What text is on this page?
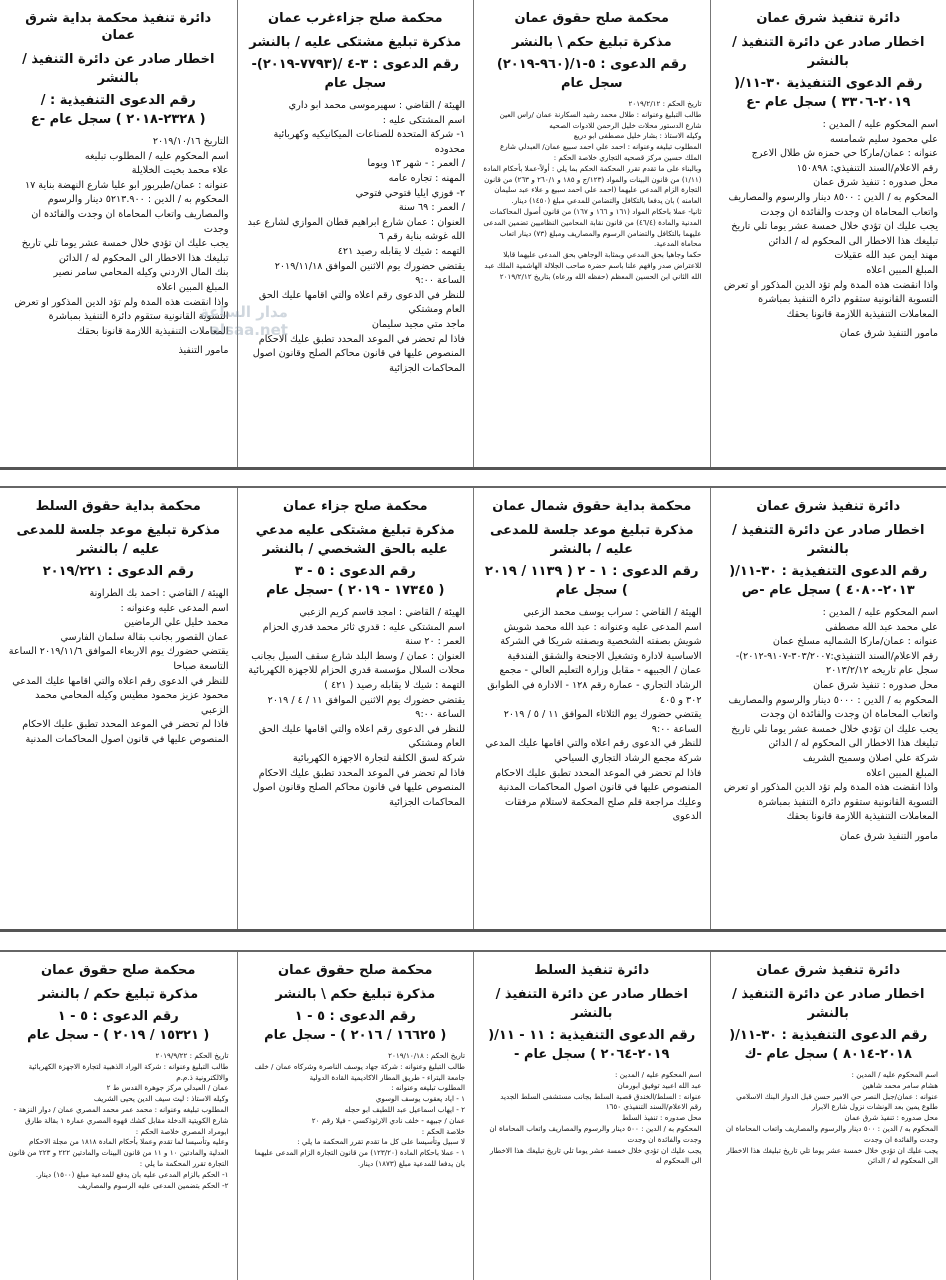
دائرة تنفيذ شرق عمان
اخطار صادر عن دائرة التنفيذ / بالنشر
رقم الدعوى التنفيذية ٣٠-١١/(
٢٠١٩-٣٣٠٦ ) سجل عام -ع

اسم المحكوم عليه / المدين :

علي محمود سليم شمامسه

عنوانه : عمان/ماركا حي حمزه ش طلال الاعرج

رقم الاعلام/السند التنفيذي: ١٥٠٨٩٨

محل صدوره : تنفيذ شرق عمان

المحكوم به / الدين : ٨٥٠٠ دينار والرسوم والمصاريف واتعاب المحاماة ان وجدت والفائدة ان وجدت

يجب عليك ان تؤدي خلال خمسة عشر يوما تلي تاريخ تبليغك هذا الاخطار الى المحكوم له / الدائن

مهند ايمن عبد الله عقيلات

المبلغ المبين اعلاه

واذا انقضت هذه المدة ولم تؤد الدين المذكور او تعرض التسوية القانونية ستقوم دائرة التنفيذ بمباشرة المعاملات التنفيذية اللازمة قانونا بحقك

مامور التنفيذ شرق عمان
محكمة صلح حقوق عمان
مذكرة تبليغ حكم \ بالنشر
رقم الدعوى : ٥-١/(٩٦٠-٢٠١٩)
سجل عام

تاريخ الحكم : ٢٠١٩/٢/١٢

طالب التبليغ وعنوانه : طلال محمد رشيد السكارنة عمان /راس العين شارع الدستور محلات خليل الرحمن للادوات الصحيه

وكيله الاستاذ : بشار خليل مصطفى ابو دريع

المطلوب تبليغه وعنوانه : احمد علي احمد سبيع عمان/ العبدلي شارع الملك حسين مركز قصحيه التجاري خلاصة الحكم :

وبالبناء على ما تقدم تقرر المحكمة الحكم بما يلي : أولاً-عملا بأحكام المادة (١/١١) من قانون البينات والمواد (١٢٣/ج و ١٨٥ و ٢٦٠/١ و ٢٦٣) من قانون التجارة الزام المدعى عليهما (احمد علي احمد سبيع و علاء عبد سليمان العامنه ) بان يدفعا بالتكافل والتضامن للمدعي مبلغ (١٤٥٠) دينار.

ثانيا- عملا باحكام المواد (١٦١ و ١٦٦ و ١٦٧) من قانون أصول المحاكمات المدنية والمادة (٤٦/٤) من قانون نقابة المحامين النظاميين تضمين المدعى عليهما بالتكافل والتضامن الرسوم والمصاريف ومبلغ (٧٣) دينار اتعاب محاماة المدعية.

حكما وجاهيا بحق المدعي وبمثابة الوجاهي بحق المدعى عليهما قابلا للاعتراض صدر وافهم علنا باسم حضرة صاحب الجلالة الهاشمية الملك عبد الله الثاني ابن الحسين المعظم (حفظه الله ورعاه) بتاريخ ٢٠١٩/٢/١٢

محكمة صلح جزاءغرب عمان
مذكرة تبليغ مشتكى عليه / بالنشر
رقم الدعوى : ٣-٤ /(٧٧٩٣-٢٠١٩)-
سجل عام

الهيئة / القاضي : سهيرموسى محمد ابو داري

اسم المشتكى عليه :

١- شركة المتحدة للصناعات الميكانيكيه وكهربائية محدوده

/ العمر : - شهر ١٣ ويوما

المهنه : تجاره عامه

٢- فوزي ايليا فتوحي فتوحي

/ العمر : ٦٩ سنة

العنوان : عمان شارع ابراهيم قطان الموازي لشارع عبد الله غوشه بناية رقم ٦

التهمه : شيك لا يقابله رصيد ٤٢١

يقتضي حضورك يوم الاثنين الموافق ٢٠١٩/١١/١٨ الساعة ٩:٠٠

للنظر في الدعوى رقم اعلاه والتي اقامها عليك الحق العام ومشتكي

ماجد متي مجيد سليمان

فاذا لم تحضر في الموعد المحدد تطبق عليك الاحكام المنصوص عليها في قانون محاكم الصلح وقانون اصول المحاكمات الجزائية

دائرة تنفيذ محكمة بداية شرق عمان
اخطار صادر عن دائرة التنفيذ / بالنشر
رقم الدعوى التنفيذية : /
( ٢٣٢٨-٢٠١٨ ) سجل عام -ع

التاريخ ٢٠١٩/١٠/١٦

اسم المحكوم عليه / المطلوب تبليغه

علاء محمد بخيت الخلايلة

عنوانه : عمان/طبربور ابو عليا شارع النهضة بناية ١٧

المحكوم به / الدين : ٥٢١٣.٩٠٠ دينار والرسوم والمصاريف واتعاب المحاماة ان وجدت والفائدة ان وجدت

يجب عليك ان تؤدي خلال خمسة عشر يوما تلي تاريخ تبليغك هذا الاخطار الى المحكوم له / الدائن

بنك المال الاردني وكيله المحامي سامر نصير

المبلغ المبين اعلاه

واذا انقضت هذه المدة ولم تؤد الدين المذكور او تعرض التسوية القانونية ستقوم دائرة التنفيذ بمباشرة المعاملات التنفيذية اللازمة قانونا بحقك

مامور التنفيذ
دائرة تنفيذ شرق عمان
اخطار صادر عن دائرة التنفيذ / بالنشر
رقم الدعوى التنفيذية : ٣٠-١١/(
٢٠١٣-٤٠٨٠ ) سجل عام -ص

اسم المحكوم عليه / المدين :

علي محمد عبد الله مصطفى

عنوانه : عمان/ماركا الشماليه مسلخ عمان

رقم الاعلام/السند التنفيذي:٣٠٣/٢٠٠٧-٩١٠٧-٢٠١٢)-سجل عام تاريخه ٢٠١٣/٢/١٢

محل صدوره : تنفيذ شرق عمان

المحكوم به / الدين : ٥٠٠٠ دينار والرسوم والمصاريف واتعاب المحاماة ان وجدت والفائدة ان وجدت

يجب عليك ان تؤدي خلال خمسة عشر يوما تلي تاريخ تبليغك هذا الاخطار الى المحكوم له / الدائن

شركة علي اصلان وسميح الشريف

المبلغ المبين اعلاه

واذا انقضت هذه المدة ولم تؤد الدين المذكور او تعرض التسوية القانونية ستقوم دائرة التنفيذ بمباشرة المعاملات التنفيذية اللازمة قانونا بحقك

مامور التنفيذ شرق عمان
محكمة بداية حقوق شمال عمان
مذكرة تبليغ موعد جلسة للمدعى عليه / بالنشر
رقم الدعوى : ١ - ٢ ( ١١٣٩ / ٢٠١٩
) سجل عام

الهيئة / القاضي : سراب يوسف محمد الزعبي

اسم المدعى عليه وعنوانه : عبد الله محمد شويش شويش بصفته الشخصية وبصفته شريكا في الشركة الاساسية لادارة وتشغيل الاجنحة والشقق الفندقية

عمان / الجبيهه - مقابل وزارة التعليم العالي - مجمع الرشاد التجاري - عمارة رقم ١٢٨ - الادارة في الطوابق ٣٠٢ و ٤٠٥

يقتضي حضورك يوم الثلاثاء الموافق ١١ / ٥ / ٢٠١٩ الساعة ٩:٠٠

للنظر في الدعوى رقم اعلاه والتي اقامها عليك المدعي

شركة مجمع الرشاد التجاري السياحي

فاذا لم تحضر في الموعد المحدد تطبق عليك الاحكام المنصوص عليها في قانون اصول المحاكمات المدنية

وعليك مراجعة قلم صلح المحكمة لاستلام مرفقات الدعوى

محكمة صلح جزاء عمان
مذكرة تبليغ مشتكى عليه مدعي عليه بالحق الشخصي / بالنشر
رقم الدعوى : ٥ - ٣
( ١٧٣٤٥ - ٢٠١٩ ) -سجل عام

الهيئة / القاضي : امجد قاسم كريم الزعبي

اسم المشتكى عليه : قدري ثائر محمد قدري الحزام

العمر : ٢٠ سنة

العنوان : عمان / وسط البلد شارع سقف السيل بجانب محلات السلال مؤسسة قدري الحزام للاجهزة الكهربائية

التهمة : شيك لا يقابله رصيد ( ٤٢١ )

يقتضي حضورك يوم الاثنين الموافق ١١ / ٤ / ٢٠١٩ الساعة ٩:٠٠

للنظر في الدعوى رقم اعلاه والتي اقامها عليك الحق العام ومشتكي

شركة لسق الكلفة لتجارة الاجهزة الكهربائية

فاذا لم تحضر في الموعد المحدد تطبق عليك الاحكام المنصوص عليها في قانون محاكم الصلح وقانون اصول المحاكمات الجزائية

محكمة بداية حقوق السلط
مذكرة تبليغ موعد جلسة للمدعى عليه / بالنشر
رقم الدعوى : ٢٠١٩/٢٢١

الهيئة / القاضي : احمد بك الطراونة

اسم المدعى عليه وعنوانه :

محمد خليل علي الرماضين

عمان القصور بجانب بقالة سلمان الفارسي

يقتضي حضورك يوم الاربعاء الموافق ٢٠١٩/١١/٦ الساعة التاسعة صباحا

للنظر في الدعوى رقم اعلاه والتي اقامها عليك المدعي

محمود عزيز محمود مطيس وكيله المحامي محمد الزعبي

فاذا لم تحضر في الموعد المحدد تطبق عليك الاحكام المنصوص عليها في قانون اصول المحاكمات المدنية

دائرة تنفيذ شرق عمان
اخطار صادر عن دائرة التنفيذ / بالنشر
رقم الدعوى التنفيذية : ٣٠-١١/(
٢٠١٨-٨٠١٤ ) سجل عام -ك

اسم المحكوم عليه / المدين :

هشام سامر محمد شاهين

عنوانه : عمان/جبل النصر حي الامير حسن قبل الدوار البنك الاسلامي طلوع يمين بعد الونشات نزول شارع الابرار

محل صدوره : تنفيذ شرق عمان

المحكوم به / الدين : ٥٠٠ دينار والرسوم والمصاريف واتعاب المحاماة ان وجدت والفائدة ان وجدت

يجب عليك ان تؤدي خلال خمسة عشر يوما تلي تاريخ تبليغك هذا الاخطار الى المحكوم له / الدائن

دائرة تنفيذ السلط
اخطار صادر عن دائرة التنفيذ / بالنشر
رقم الدعوى التنفيذية : ١١ - ١١/(
٢٠١٩-٢٠٦٤ ) سجل عام -

اسم المحكوم عليه / المدين :

عبد الله اعبيد توفيق ابورمان

عنوانه : السلط/الخندق قصبة السلط بجانب مستشفى السلط الجديد

رقم الاعلام/السند التنفيذي ١٦٥٠

محل صدوره : تنفيذ السلط

المحكوم به / الدين : ٥٠٠ دينار والرسوم والمصاريف واتعاب المحاماة ان وجدت والفائدة ان وجدت

يجب عليك ان تؤدي خلال خمسة عشر يوما تلي تاريخ تبليغك هذا الاخطار الى المحكوم له

محكمة صلح حقوق عمان
مذكرة تبليغ حكم \ بالنشر
رقم الدعوى : ٥ - ١
( ١٦٦٢٥ / ٢٠١٦ ) - سجل عام

تاريخ الحكم : ٢٠١٩/١٠/١٨

طالب التبليغ وعنوانه : شركة جهاد يوسف الناصرة وشركاه عمان / خلف جامعة البتراء - طريق المطار الاكاديمية القادة الدولية

المطلوب تبليغه وعنوانه :

١ - اياد يعقوب يوسف الوسوي

٢ - ايهاب اسماعيل عبد اللطيف ابو حجله

عمان / جبيهه - خلف نادي الارثوذكسي - فيلا رقم ٢٠

خلاصة الحكم :

لا سبيل وتأسيسا على كل ما تقدم تقرر المحكمة ما يلي :

١ - عملا باحكام المادة (١٢٣/٢٠) من قانون التجارة الزام المدعى عليهما بان يدفعا للمدعية مبلغ (١٨٧٣) دينار.

محكمة صلح حقوق عمان
مذكرة تبليغ حكم / بالنشر
رقم الدعوى : ٥ - ١
( ١٥٣٢١ / ٢٠١٩ ) - سجل عام

تاريخ الحكم : ٢٠١٩/٩/٢٢

طالب التبليغ وعنوانه : شركة الوراد الذهبية لتجارة الاجهزة الكهربائية والالكترونية ذ.م.م

عمان / العبدلي مركز جوهرة القدس ط ٢

وكيله الاستاذ : ليث سيف الدين يحيى الشريف

المطلوب تبليغه وعنوانه : محمد عمر محمد المصري عمان / دوار النزهة - شارع الكويتية الدخلة مقابل كشك قهوة المصري عمارة ١ بقالة طارق ابومراد المصري خلاصة الحكم :

وعليه وتأسيسا لما تقدم وعملا بأحكام المادة ١٨١٨ من مجلة الاحكام العدلية والمادتين ١٠ و ١١ من قانون البينات والمادتين ٢٢٢ و ٢٢٣ من قانون التجارة تقرر المحكمة ما يلي :

١- الحكم بالزام المدعى عليه بان يدفع للمدعية مبلغ (١٥٠٠) دينار.

٢- الحكم بتضمين المدعى عليه الرسوم والمصاريف

مدار الساعة
alsaa.net
